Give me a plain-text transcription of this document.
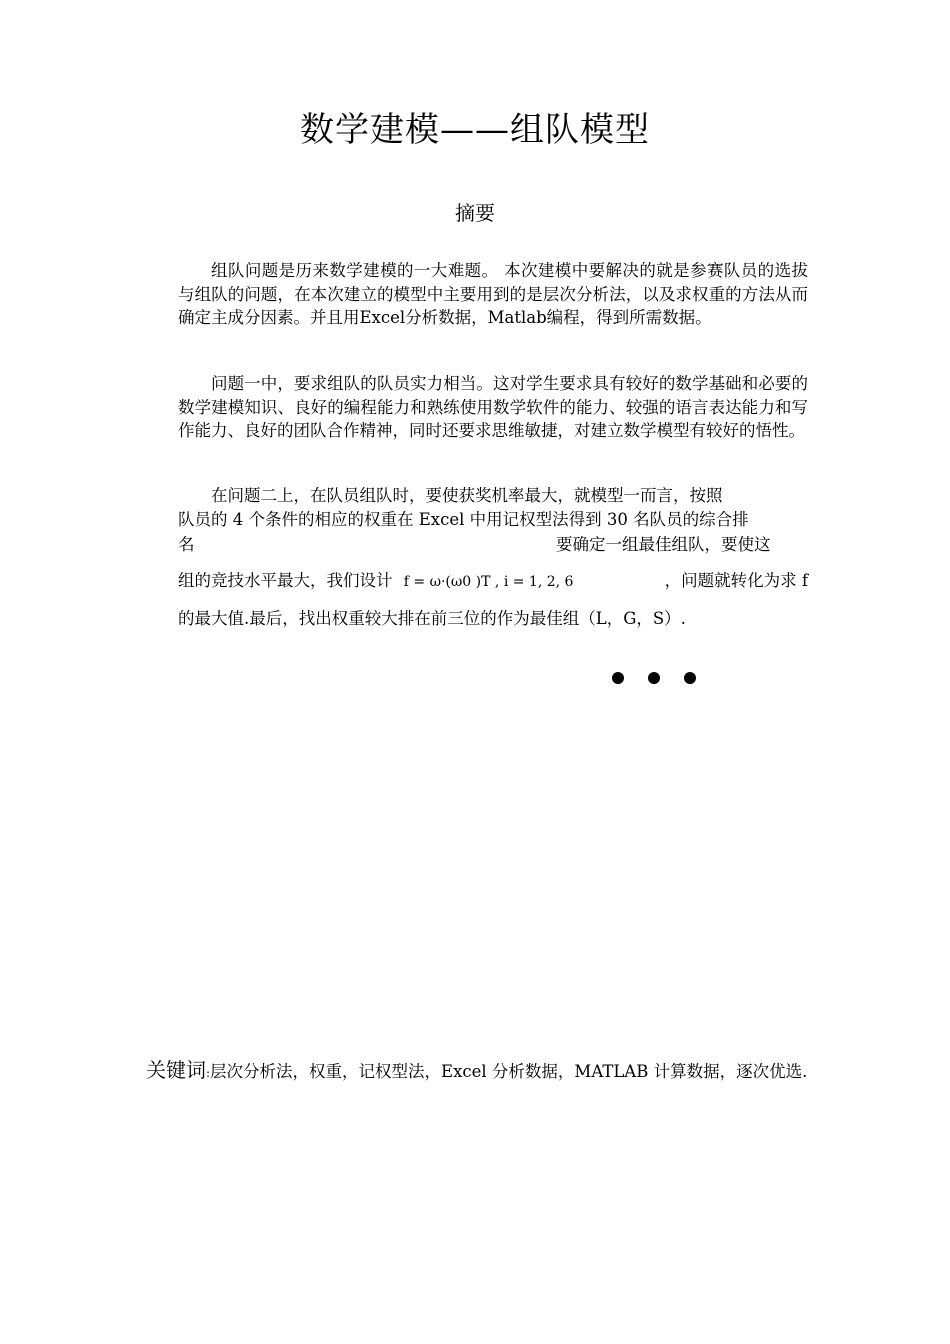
数学建模——组队模型
摘要

组队问题是历来数学建模的一大难题。 本次建模中要解决的就是参赛队员的选拔与组队的问题，在本次建立的模型中主要用到的是层次分析法，以及求权重的方法从而确定主成分因素。并且用Excel分析数据，Matlab编程，得到所需数据。

问题一中，要求组队的队员实力相当。这对学生要求具有较好的数学基础和必要的数学建模知识、良好的编程能力和熟练使用数学软件的能力、较强的语言表达能力和写作能力、良好的团队合作精神，同时还要求思维敏捷，对建立数学模型有较好的悟性。

在问题二上，在队员组队时，要使获奖机率最大，就模型一而言，按照
队员的 4 个条件的相应的权重在 Excel 中用记权型法得到 30 名队员的综合排
名	要确定一组最佳组队，要使这
组的竞技水平最大，我们设计 f = ω·(ω0 )T , i = 1, 2, 6	，问题就转化为求 f
的最大值.最后，找出权重较大排在前三位的作为最佳组（L，G，S）.
关键词:层次分析法，权重，记权型法，Excel 分析数据，MATLAB 计算数据，逐次优选.
